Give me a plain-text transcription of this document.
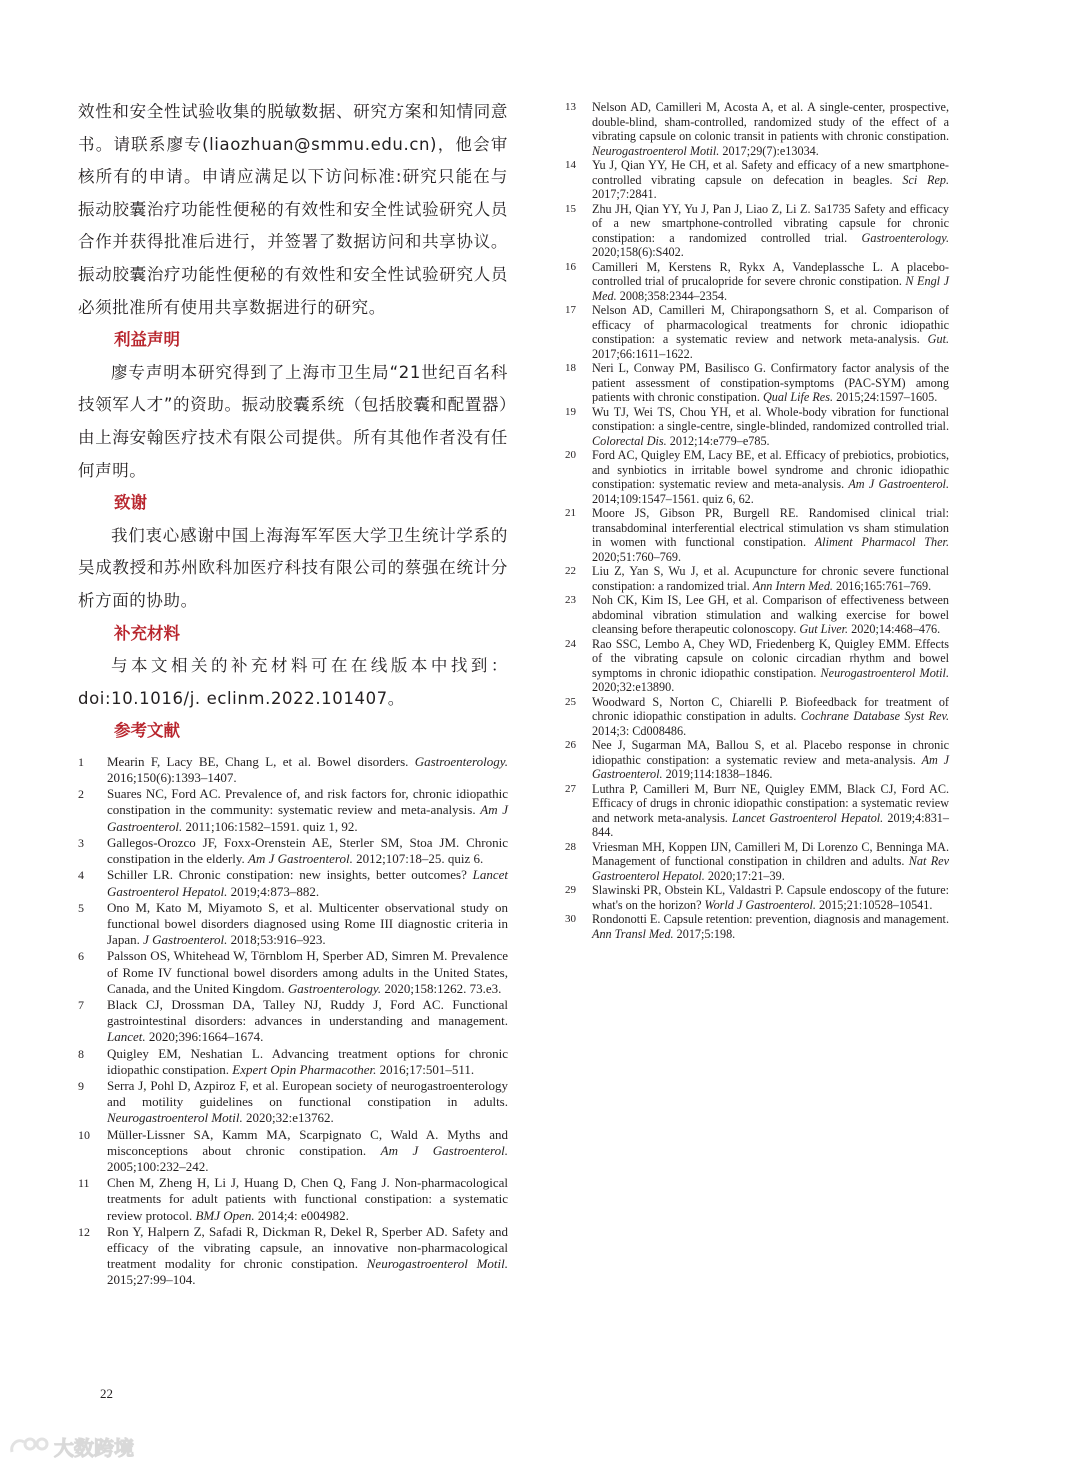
效性和安全性试验收集的脱敏数据、研究方案和知情同意书。请联系廖专(liaozhuan@smmu.edu.cn)，他会审核所有的申请。申请应满足以下访问标准:研究只能在与振动胶囊治疗功能性便秘的有效性和安全性试验研究人员合作并获得批准后进行，并签署了数据访问和共享协议。振动胶囊治疗功能性便秘的有效性和安全性试验研究人员必须批准所有使用共享数据进行的研究。

利益声明

廖专声明本研究得到了上海市卫生局“21世纪百名科技领军人才”的资助。振动胶囊系统（包括胶囊和配置器）由上海安翰医疗技术有限公司提供。所有其他作者没有任何声明。

致谢

我们衷心感谢中国上海海军军医大学卫生统计学系的吴成教授和苏州欧科加医疗科技有限公司的蔡强在统计分析方面的协助。

补充材料

与本文相关的补充材料可在在线版本中找到：doi:10.1016/j. eclinm.2022.101407。

参考文献
1	Mearin F, Lacy BE, Chang L, et al. Bowel disorders. Gastroenterology. 2016;150(6):1393–1407.
2	Suares NC, Ford AC. Prevalence of, and risk factors for, chronic idiopathic constipation in the community: systematic review and meta-analysis. Am J Gastroenterol. 2011;106:1582–1591. quiz 1, 92.
3	Gallegos-Orozco JF, Foxx-Orenstein AE, Sterler SM, Stoa JM. Chronic constipation in the elderly. Am J Gastroenterol. 2012;107:18–25. quiz 6.
4	Schiller LR. Chronic constipation: new insights, better outcomes? Lancet Gastroenterol Hepatol. 2019;4:873–882.
5	Ono M, Kato M, Miyamoto S, et al. Multicenter observational study on functional bowel disorders diagnosed using Rome III diagnostic criteria in Japan. J Gastroenterol. 2018;53:916–923.
6	Palsson OS, Whitehead W, Törnblom H, Sperber AD, Simren M. Prevalence of Rome IV functional bowel disorders among adults in the United States, Canada, and the United Kingdom. Gastroenterology. 2020;158:1262. 73.e3.
7	Black CJ, Drossman DA, Talley NJ, Ruddy J, Ford AC. Functional gastrointestinal disorders: advances in understanding and management. Lancet. 2020;396:1664–1674.
8	Quigley EM, Neshatian L. Advancing treatment options for chronic idiopathic constipation. Expert Opin Pharmacother. 2016;17:501–511.
9	Serra J, Pohl D, Azpiroz F, et al. European society of neurogastroenterology and motility guidelines on functional constipation in adults. Neurogastroenterol Motil. 2020;32:e13762.
10	Müller-Lissner SA, Kamm MA, Scarpignato C, Wald A. Myths and misconceptions about chronic constipation. Am J Gastroenterol. 2005;100:232–242.
11	Chen M, Zheng H, Li J, Huang D, Chen Q, Fang J. Non-pharmacological treatments for adult patients with functional constipation: a systematic review protocol. BMJ Open. 2014;4: e004982.
12	Ron Y, Halpern Z, Safadi R, Dickman R, Dekel R, Sperber AD. Safety and efficacy of the vibrating capsule, an innovative non-pharmacological treatment modality for chronic constipation. Neurogastroenterol Motil. 2015;27:99–104.
13	Nelson AD, Camilleri M, Acosta A, et al. A single-center, prospective, double-blind, sham-controlled, randomized study of the effect of a vibrating capsule on colonic transit in patients with chronic constipation. Neurogastroenterol Motil. 2017;29(7):e13034.
14	Yu J, Qian YY, He CH, et al. Safety and efficacy of a new smartphone-controlled vibrating capsule on defecation in beagles. Sci Rep. 2017;7:2841.
15	Zhu JH, Qian YY, Yu J, Pan J, Liao Z, Li Z. Sa1735 Safety and efficacy of a new smartphone-controlled vibrating capsule for chronic constipation: a randomized controlled trial. Gastroenterology. 2020;158(6):S402.
16	Camilleri M, Kerstens R, Rykx A, Vandeplassche L. A placebo-controlled trial of prucalopride for severe chronic constipation. N Engl J Med. 2008;358:2344–2354.
17	Nelson AD, Camilleri M, Chirapongsathorn S, et al. Comparison of efficacy of pharmacological treatments for chronic idiopathic constipation: a systematic review and network meta-analysis. Gut. 2017;66:1611–1622.
18	Neri L, Conway PM, Basilisco G. Confirmatory factor analysis of the patient assessment of constipation-symptoms (PAC-SYM) among patients with chronic constipation. Qual Life Res. 2015;24:1597–1605.
19	Wu TJ, Wei TS, Chou YH, et al. Whole-body vibration for functional constipation: a single-centre, single-blinded, randomized controlled trial. Colorectal Dis. 2012;14:e779–e785.
20	Ford AC, Quigley EM, Lacy BE, et al. Efficacy of prebiotics, probiotics, and synbiotics in irritable bowel syndrome and chronic idiopathic constipation: systematic review and meta-analysis. Am J Gastroenterol. 2014;109:1547–1561. quiz 6, 62.
21	Moore JS, Gibson PR, Burgell RE. Randomised clinical trial: transabdominal interferential electrical stimulation vs sham stimulation in women with functional constipation. Aliment Pharmacol Ther. 2020;51:760–769.
22	Liu Z, Yan S, Wu J, et al. Acupuncture for chronic severe functional constipation: a randomized trial. Ann Intern Med. 2016;165:761–769.
23	Noh CK, Kim IS, Lee GH, et al. Comparison of effectiveness between abdominal vibration stimulation and walking exercise for bowel cleansing before therapeutic colonoscopy. Gut Liver. 2020;14:468–476.
24	Rao SSC, Lembo A, Chey WD, Friedenberg K, Quigley EMM. Effects of the vibrating capsule on colonic circadian rhythm and bowel symptoms in chronic idiopathic constipation. Neurogastroenterol Motil. 2020;32:e13890.
25	Woodward S, Norton C, Chiarelli P. Biofeedback for treatment of chronic idiopathic constipation in adults. Cochrane Database Syst Rev. 2014;3: Cd008486.
26	Nee J, Sugarman MA, Ballou S, et al. Placebo response in chronic idiopathic constipation: a systematic review and meta-analysis. Am J Gastroenterol. 2019;114:1838–1846.
27	Luthra P, Camilleri M, Burr NE, Quigley EMM, Black CJ, Ford AC. Efficacy of drugs in chronic idiopathic constipation: a systematic review and network meta-analysis. Lancet Gastroenterol Hepatol. 2019;4:831–844.
28	Vriesman MH, Koppen IJN, Camilleri M, Di Lorenzo C, Benninga MA. Management of functional constipation in children and adults. Nat Rev Gastroenterol Hepatol. 2020;17:21–39.
29	Slawinski PR, Obstein KL, Valdastri P. Capsule endoscopy of the future: what's on the horizon? World J Gastroenterol. 2015;21:10528–10541.
30	Rondonotti E. Capsule retention: prevention, diagnosis and management. Ann Transl Med. 2017;5:198.
22
大数跨境
